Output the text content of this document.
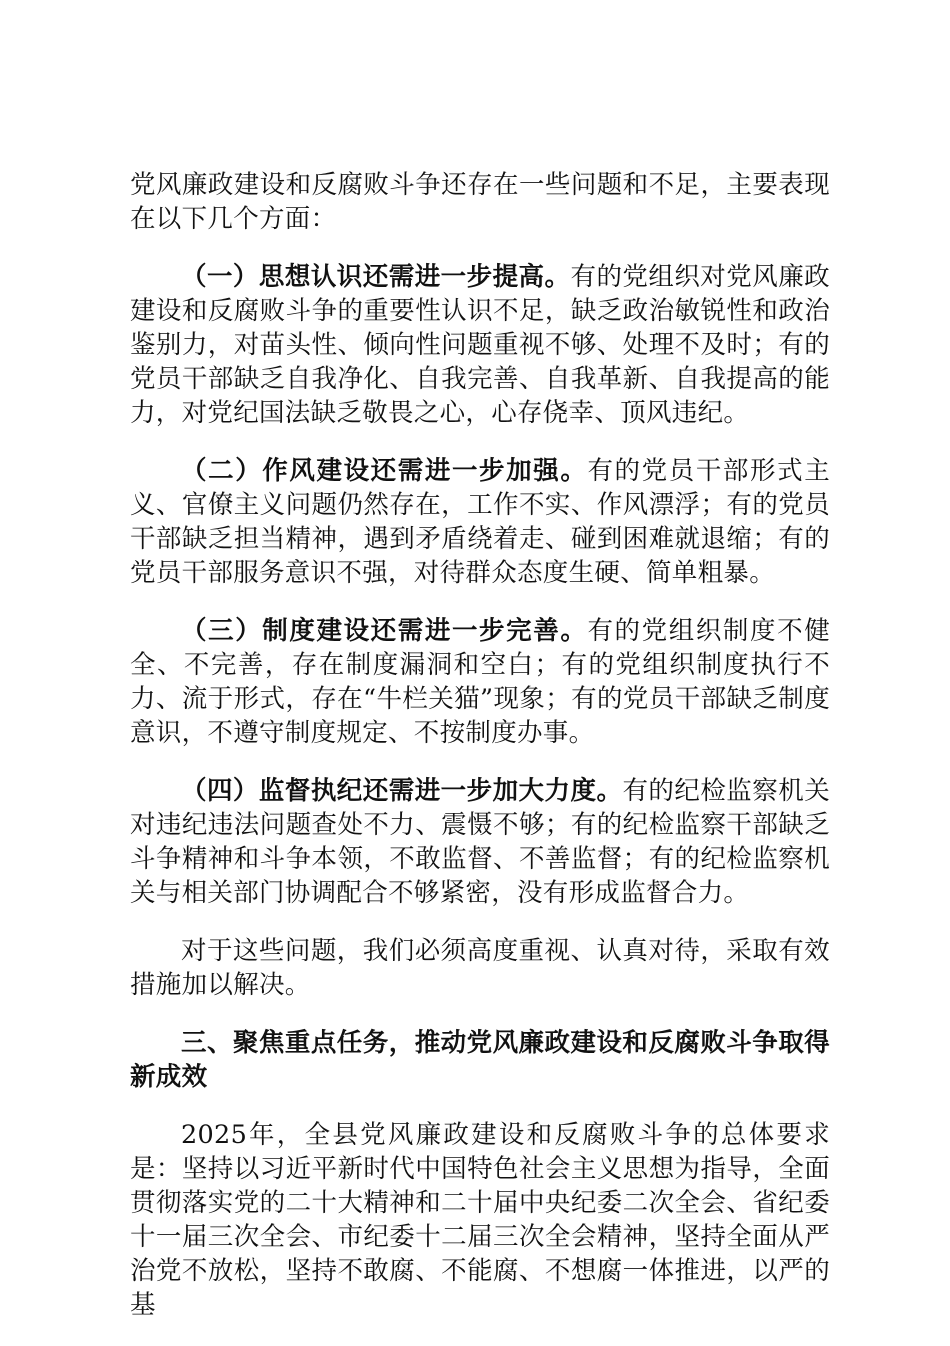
党风廉政建设和反腐败斗争还存在一些问题和不足，主要表现在以下几个方面：

（一）思想认识还需进一步提高。有的党组织对党风廉政建设和反腐败斗争的重要性认识不足，缺乏政治敏锐性和政治鉴别力，对苗头性、倾向性问题重视不够、处理不及时；有的党员干部缺乏自我净化、自我完善、自我革新、自我提高的能力，对党纪国法缺乏敬畏之心，心存侥幸、顶风违纪。

（二）作风建设还需进一步加强。有的党员干部形式主义、官僚主义问题仍然存在，工作不实、作风漂浮；有的党员干部缺乏担当精神，遇到矛盾绕着走、碰到困难就退缩；有的党员干部服务意识不强，对待群众态度生硬、简单粗暴。

（三）制度建设还需进一步完善。有的党组织制度不健全、不完善，存在制度漏洞和空白；有的党组织制度执行不力、流于形式，存在“牛栏关猫”现象；有的党员干部缺乏制度意识，不遵守制度规定、不按制度办事。

（四）监督执纪还需进一步加大力度。有的纪检监察机关对违纪违法问题查处不力、震慑不够；有的纪检监察干部缺乏斗争精神和斗争本领，不敢监督、不善监督；有的纪检监察机关与相关部门协调配合不够紧密，没有形成监督合力。

对于这些问题，我们必须高度重视、认真对待，采取有效措施加以解决。

三、聚焦重点任务，推动党风廉政建设和反腐败斗争取得新成效

2025年，全县党风廉政建设和反腐败斗争的总体要求是：坚持以习近平新时代中国特色社会主义思想为指导，全面贯彻落实党的二十大精神和二十届中央纪委二次全会、省纪委十一届三次全会、市纪委十二届三次全会精神，坚持全面从严治党不放松，坚持不敢腐、不能腐、不想腐一体推进，以严的基
